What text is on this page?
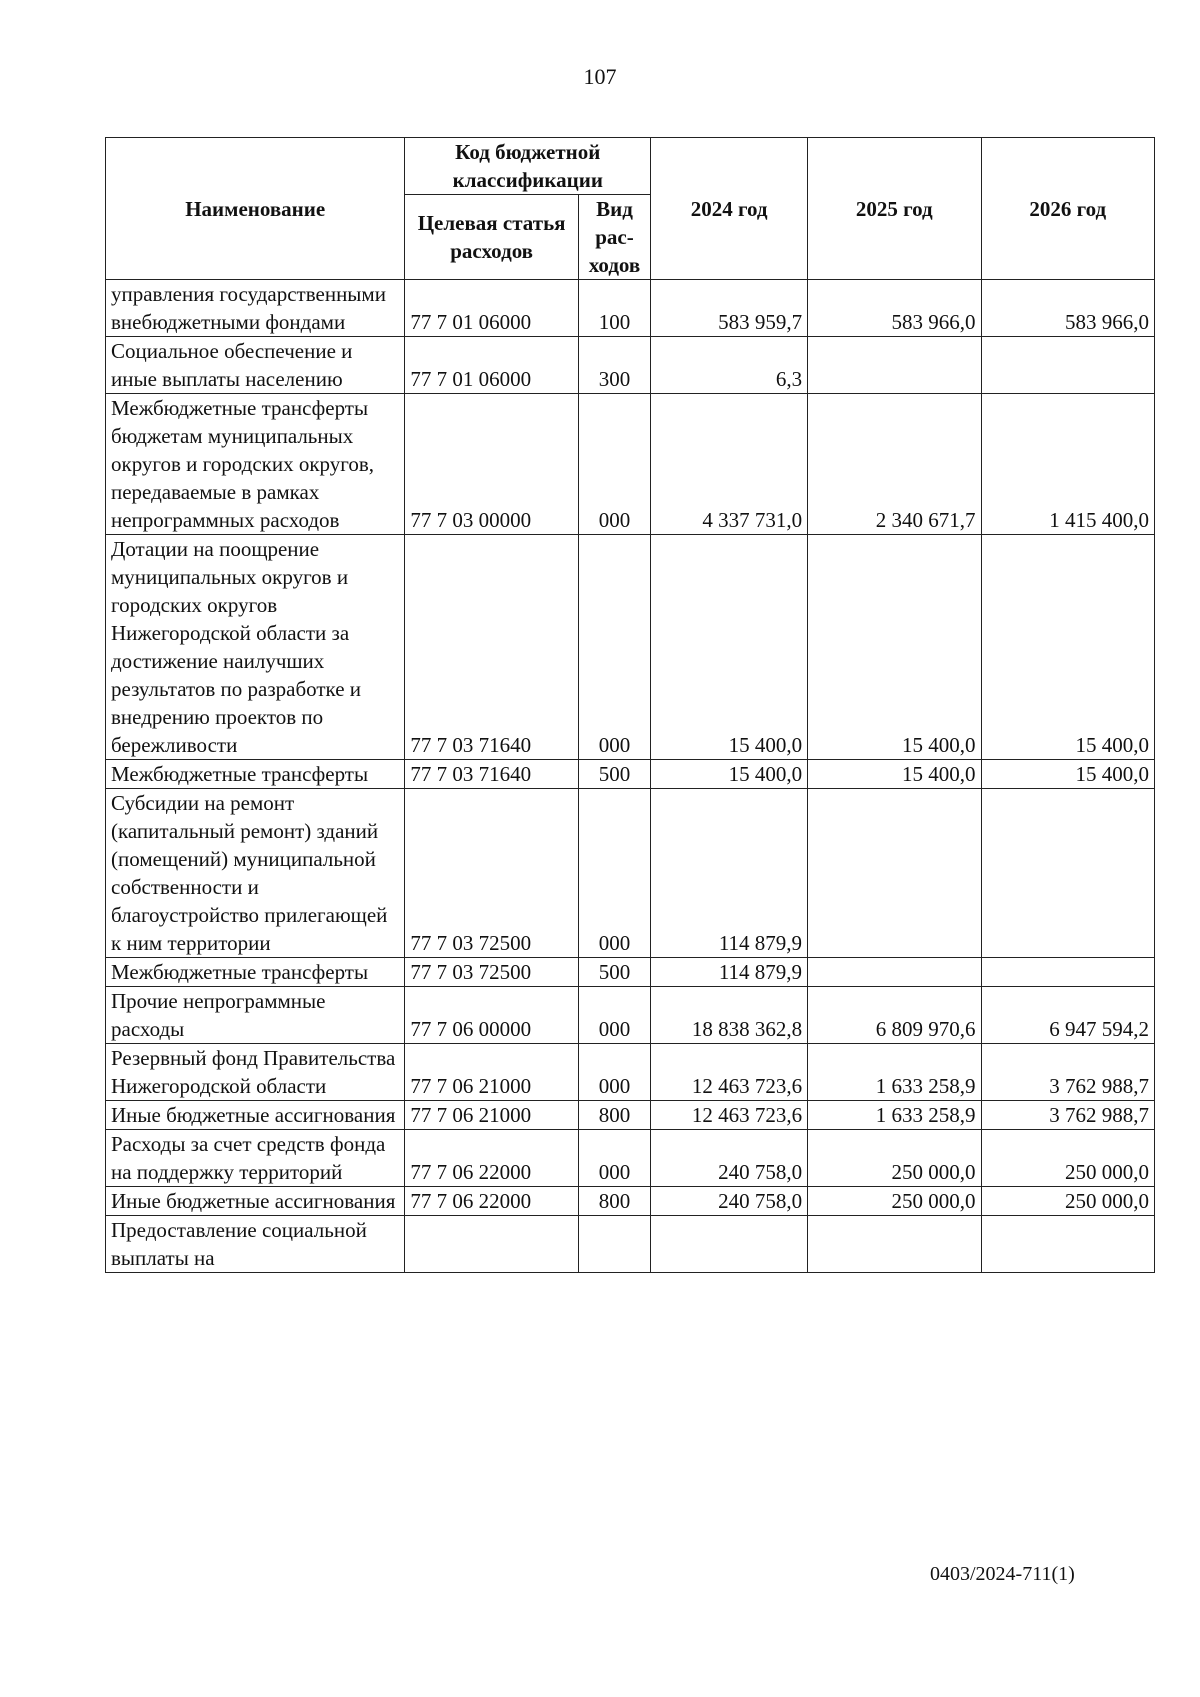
107
Наименование	Код бюджетной классификации		2024 год	2025 год	2026 год
	Целевая статья расходов	Вид рас-ходов			
управления государственными внебюджетными фондами	77 7 01 06000	100	583 959,7	583 966,0	583 966,0
Социальное обеспечение и иные выплаты населению	77 7 01 06000	300	6,3		
Межбюджетные трансферты бюджетам муниципальных округов и городских округов, передаваемые в рамках непрограммных расходов	77 7 03 00000	000	4 337 731,0	2 340 671,7	1 415 400,0
Дотации на поощрение муниципальных округов и городских округов Нижегородской области за достижение наилучших результатов по разработке и внедрению проектов по бережливости	77 7 03 71640	000	15 400,0	15 400,0	15 400,0
Межбюджетные трансферты	77 7 03 71640	500	15 400,0	15 400,0	15 400,0
Субсидии на ремонт (капитальный ремонт) зданий (помещений) муниципальной собственности и благоустройство прилегающей к ним территории	77 7 03 72500	000	114 879,9		
Межбюджетные трансферты	77 7 03 72500	500	114 879,9		
Прочие непрограммные расходы	77 7 06 00000	000	18 838 362,8	6 809 970,6	6 947 594,2
Резервный фонд Правительства Нижегородской области	77 7 06 21000	000	12 463 723,6	1 633 258,9	3 762 988,7
Иные бюджетные ассигнования	77 7 06 21000	800	12 463 723,6	1 633 258,9	3 762 988,7
Расходы за счет средств фонда на поддержку территорий	77 7 06 22000	000	240 758,0	250 000,0	250 000,0
Иные бюджетные ассигнования	77 7 06 22000	800	240 758,0	250 000,0	250 000,0
Предоставление социальной выплаты на					
0403/2024-711(1)
